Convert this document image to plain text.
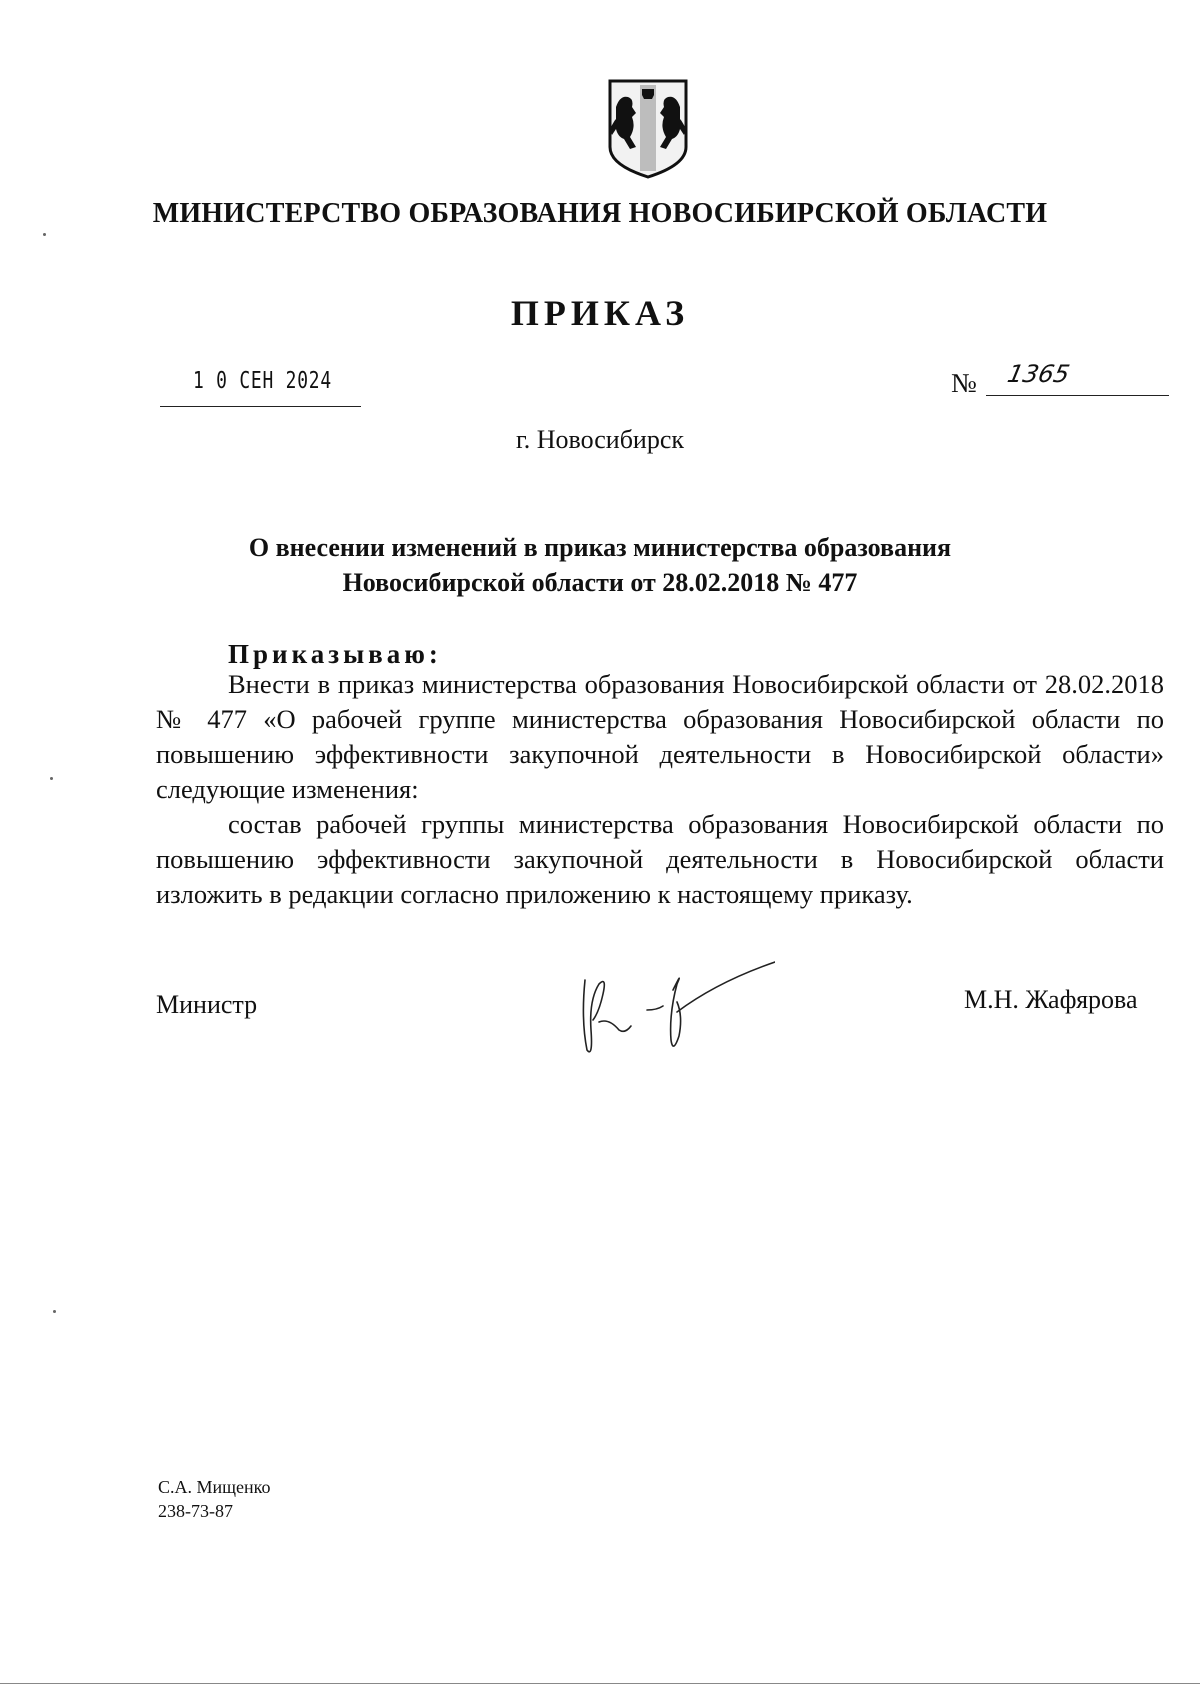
МИНИСТЕРСТВО ОБРАЗОВАНИЯ НОВОСИБИРСКОЙ ОБЛАСТИ
ПРИКАЗ
1 0 СЕН 2024	№ 1365
г. Новосибирск
О внесении изменений в приказ министерства образования
Новосибирской области от 28.02.2018 № 477
Приказываю:

Внести в приказ министерства образования Новосибирской области от 28.02.2018 № 477 «О рабочей группе министерства образования Новосибирской области по повышению эффективности закупочной деятельности в Новосибирской области» следующие изменения:

состав рабочей группы министерства образования Новосибирской области по повышению эффективности закупочной деятельности в Новосибирской области изложить в редакции согласно приложению к настоящему приказу.

Министр	М.Н. Жафярова
С.А. Мищенко
238-73-87
